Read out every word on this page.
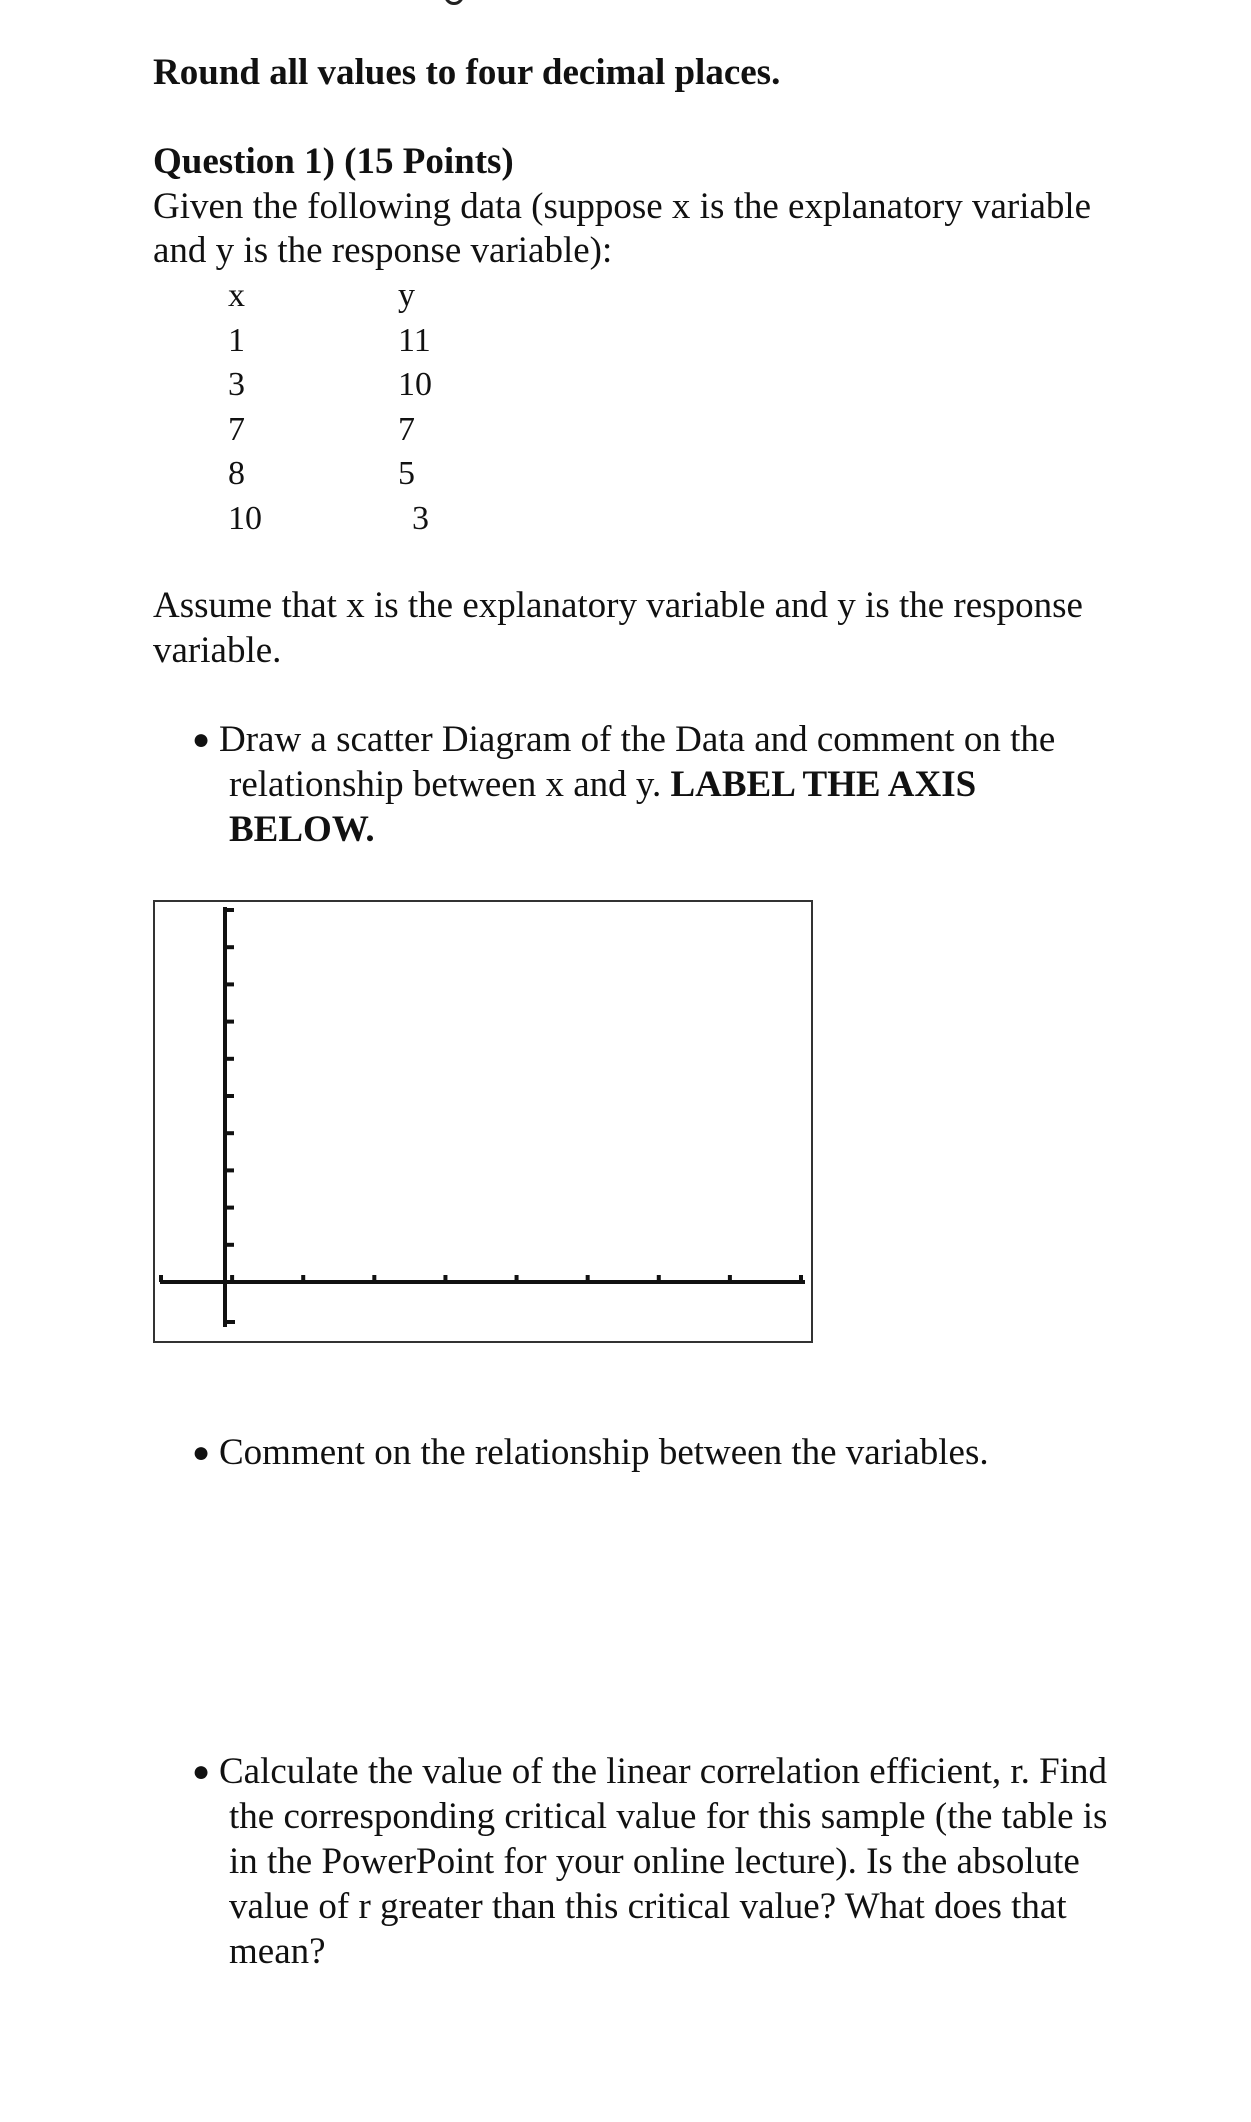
Round all values to four decimal places.
Question 1) (15 Points)
Given the following data (suppose x is the explanatory variable
and y is the response variable):
x
1
3
7
8
10
y
11
10
7
5
3
Assume that x is the explanatory variable and y is the response
variable.
● Draw a scatter Diagram of the Data and comment on the
relationship between x and y. LABEL THE AXIS
BELOW.
● Comment on the relationship between the variables.
● Calculate the value of the linear correlation efficient, r. Find
the corresponding critical value for this sample (the table is
in the PowerPoint for your online lecture). Is the absolute
value of r greater than this critical value? What does that
mean?
